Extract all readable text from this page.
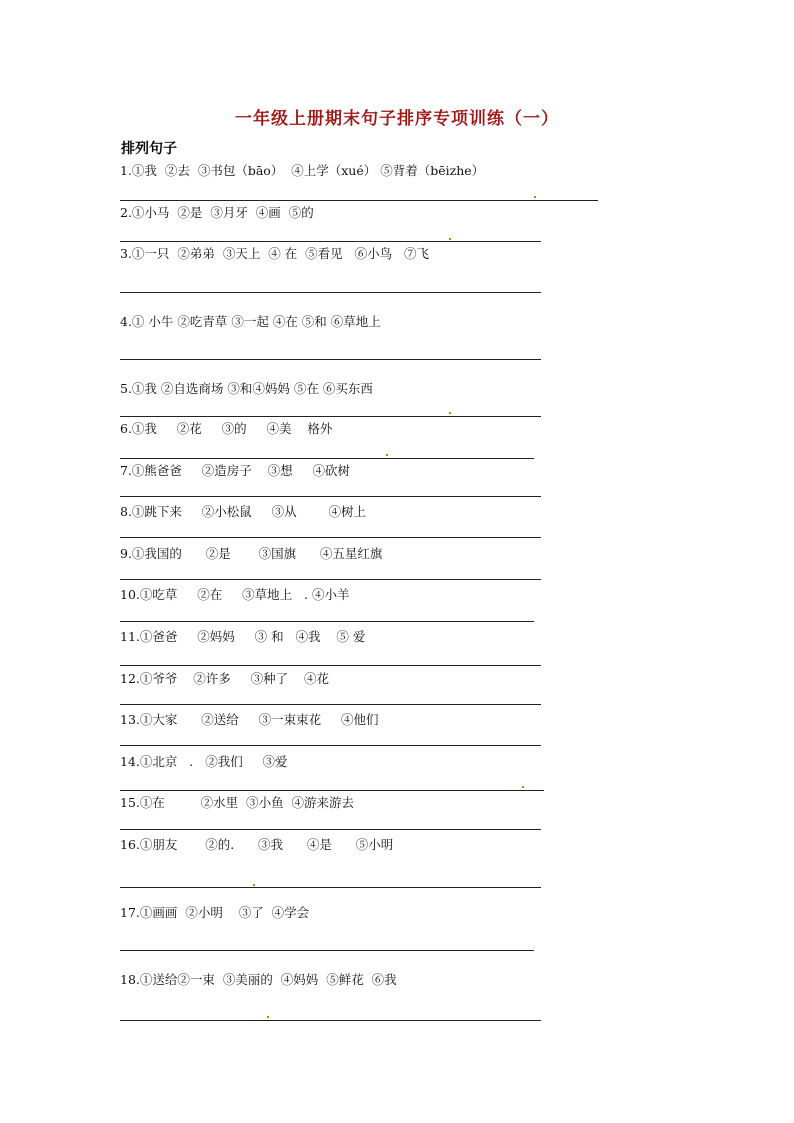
一年级上册期末句子排序专项训练（一）
排列句子
1.①我  ②去  ③书包（bāo）  ④上学（xué） ⑤背着（bēizhe）
2.①小马  ②是  ③月牙  ④画  ⑤的
3.①一只  ②弟弟  ③天上  ④ 在  ⑤看见   ⑥小鸟   ⑦飞
4.① 小牛 ②吃青草 ③一起 ④在 ⑤和 ⑥草地上
5.①我 ②自选商场 ③和④妈妈 ⑤在 ⑥买东西
6.①我     ②花     ③的     ④美    格外
7.①熊爸爸     ②造房子    ③想     ④砍树
8.①跳下来     ②小松鼠     ③从        ④树上
9.①我国的      ②是       ③国旗      ④五星红旗
10.①吃草     ②在     ③草地上   . ④小羊
11.①爸爸     ②妈妈     ③ 和   ④我    ⑤ 爱
12.①爷爷    ②许多     ③种了    ④花
13.①大家      ②送给     ③一束束花     ④他们
14.①北京   .   ②我们     ③爱
15.①在         ②水里  ③小鱼  ④游来游去
16.①朋友       ②的.      ③我      ④是      ⑤小明
17.①画画  ②小明    ③了  ④学会
18.①送给②一束  ③美丽的  ④妈妈  ⑤鲜花  ⑥我
